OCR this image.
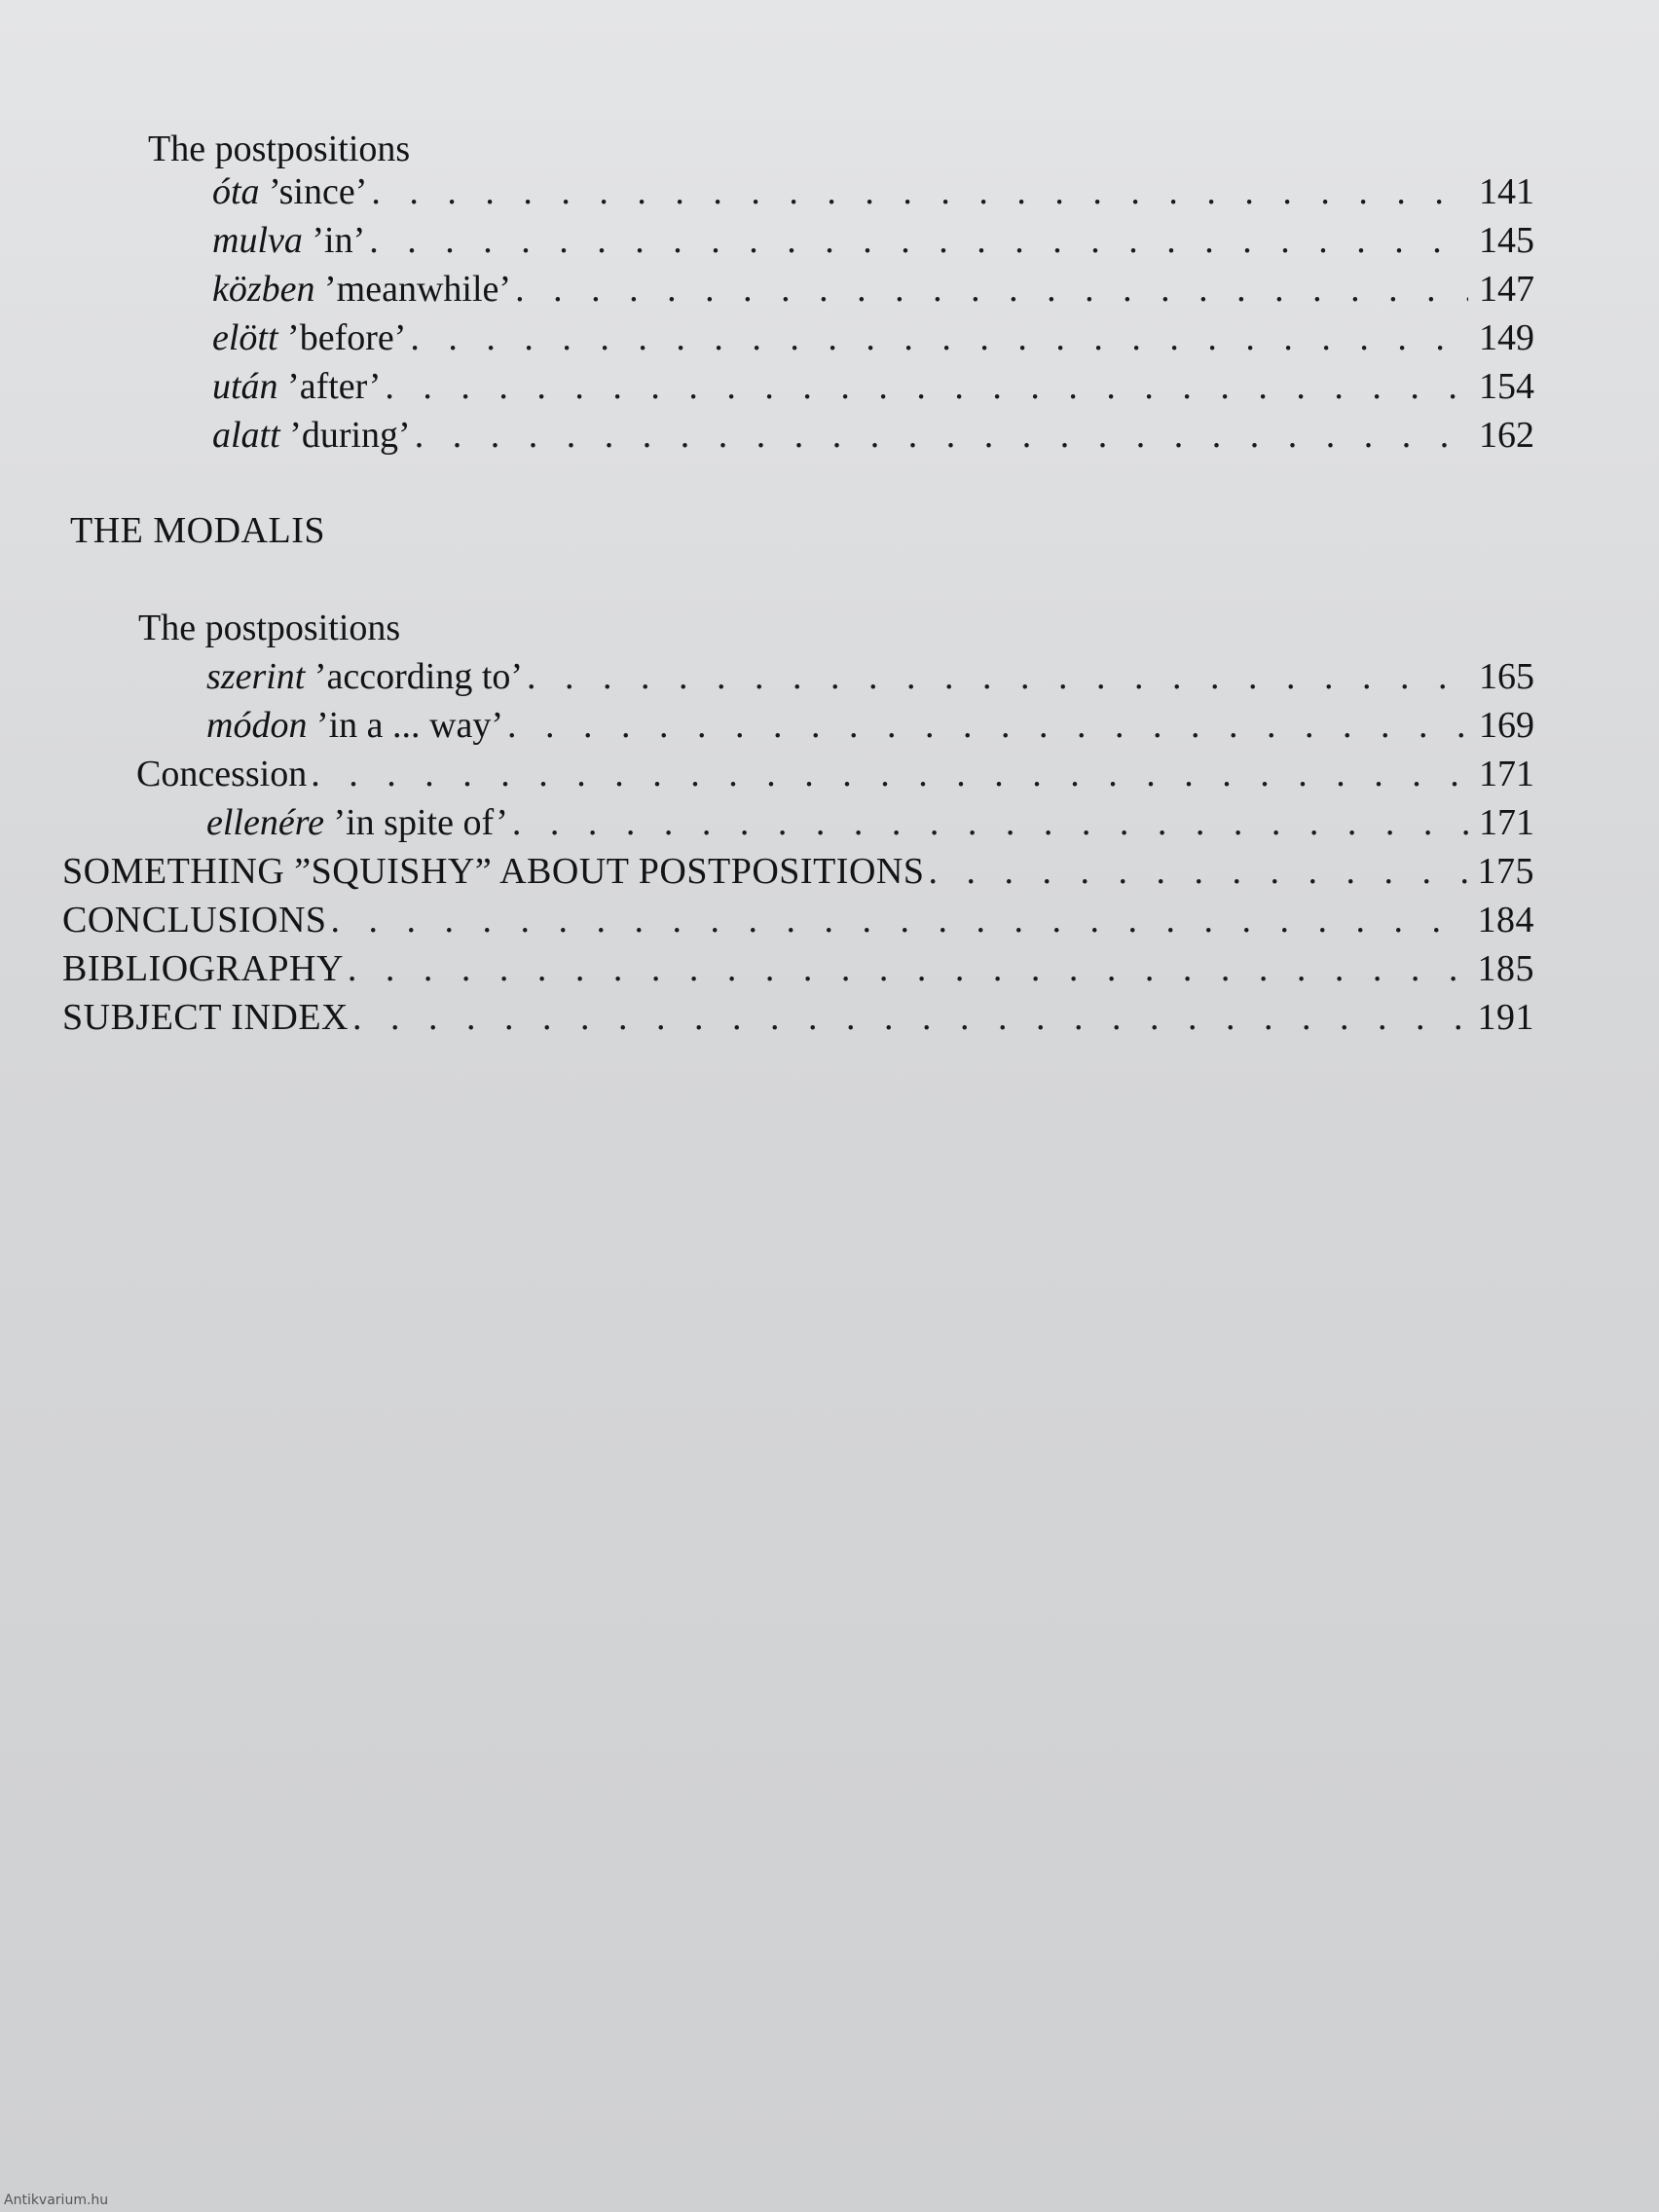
The postpositions
óta ’since’ . . .	141
mulva ’in’ . . .	145
közben ’meanwhile’ . . .	147
elött ’before’ . . .	149
után ’after’ . . .	154
alatt ’during’ . . .	162
THE MODALIS
The postpositions
szerint ’according to’ . . .	165
módon ’in a ... way’ . . .	169
Concession . . .	171
ellenére ’in spite of’ . . .	171
SOMETHING ”SQUISHY” ABOUT POSTPOSITIONS . . .	175
CONCLUSIONS . . .	184
BIBLIOGRAPHY . . .	185
SUBJECT INDEX . . .	191
Antikvarium.hu
